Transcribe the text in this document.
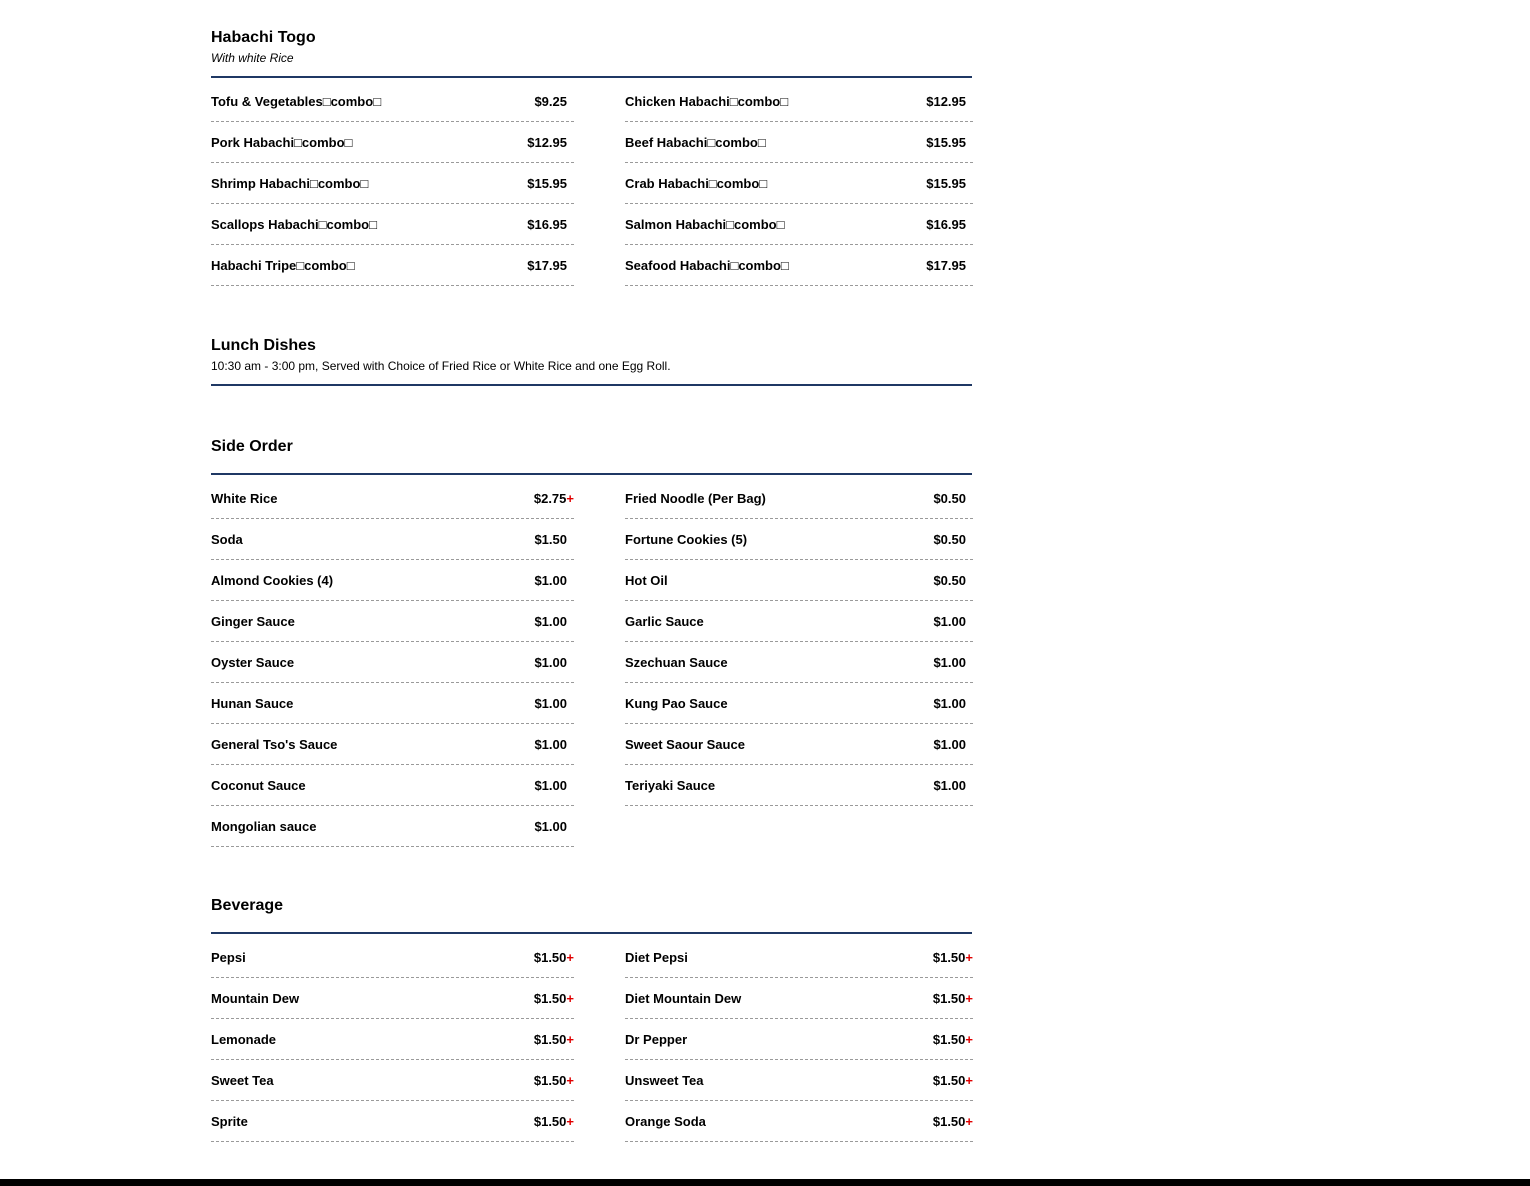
Habachi Togo
With white Rice
Tofu & Vegetables□combo□	$9.25
Pork Habachi□combo□	$12.95
Shrimp Habachi□combo□	$15.95
Scallops Habachi□combo□	$16.95
Habachi Tripe□combo□	$17.95
Chicken Habachi□combo□	$12.95
Beef Habachi□combo□	$15.95
Crab Habachi□combo□	$15.95
Salmon Habachi□combo□	$16.95
Seafood Habachi□combo□	$17.95
Lunch Dishes
10:30 am - 3:00 pm, Served with Choice of Fried Rice or White Rice and one Egg Roll.
Side Order
White Rice	$2.75+
Soda	$1.50
Almond Cookies (4)	$1.00
Ginger Sauce	$1.00
Oyster Sauce	$1.00
Hunan Sauce	$1.00
General Tso's Sauce	$1.00
Coconut Sauce	$1.00
Mongolian sauce	$1.00
Fried Noodle (Per Bag)	$0.50
Fortune Cookies (5)	$0.50
Hot Oil	$0.50
Garlic Sauce	$1.00
Szechuan Sauce	$1.00
Kung Pao Sauce	$1.00
Sweet Saour Sauce	$1.00
Teriyaki Sauce	$1.00
Beverage
Pepsi	$1.50+
Mountain Dew	$1.50+
Lemonade	$1.50+
Sweet Tea	$1.50+
Sprite	$1.50+
Diet Pepsi	$1.50+
Diet Mountain Dew	$1.50+
Dr Pepper	$1.50+
Unsweet Tea	$1.50+
Orange Soda	$1.50+
